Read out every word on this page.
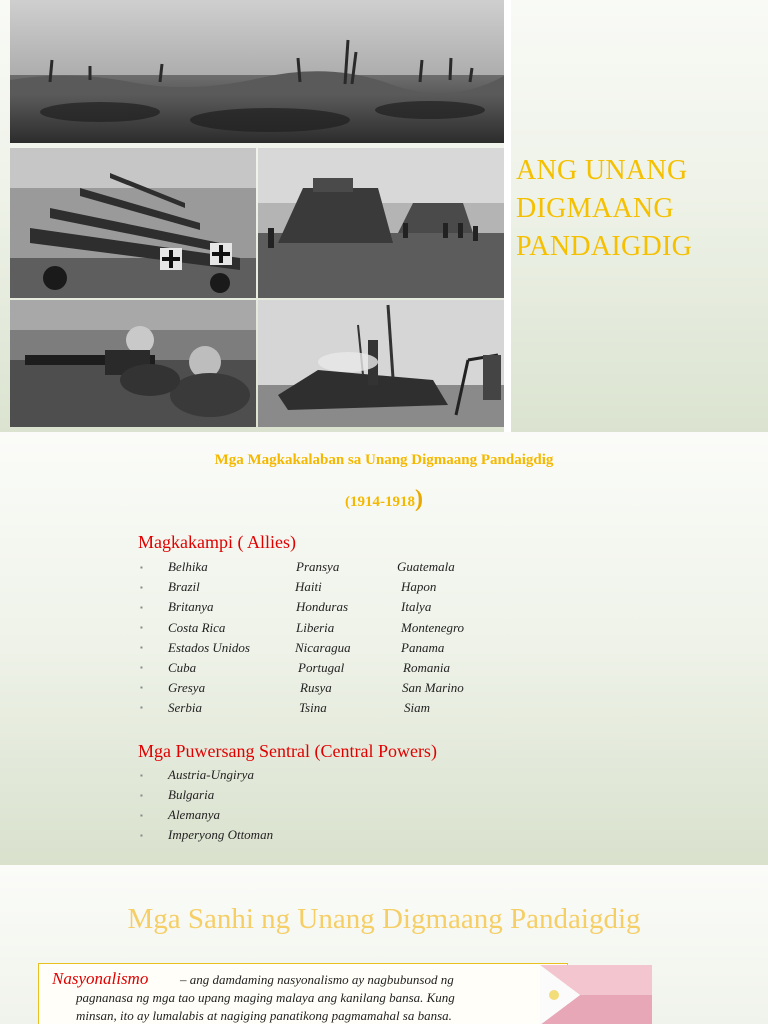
ANG UNANG
DIGMAANG
PANDAIGDIG
Mga Magkakalaban sa Unang Digmaang Pandaigdig
(1914-1918)
Magkakampi ( Allies)
▪
▪
▪
▪
▪
▪
▪
▪
Belhika
Brazil
Britanya
Costa Rica
Estados Unidos
Cuba
Gresya
Serbia
Pransya
Haiti
Honduras
Liberia
Nicaragua
Portugal
Rusya
Tsina
Guatemala
Hapon
Italya
Montenegro
Panama
Romania
San Marino
Siam
Mga Puwersang Sentral (Central Powers)
▪
▪
▪
▪
Austria-Ungirya
Bulgaria
Alemanya
Imperyong Ottoman
Mga Sanhi ng Unang Digmaang Pandaigdig
Nasyonalismo – ang damdaming nasyonalismo ay nagbubunsod ng
pagnanasa ng mga tao upang maging malaya ang kanilang bansa. Kung
minsan, ito ay lumalabis at nagiging panatikong pagmamahal sa bansa.
